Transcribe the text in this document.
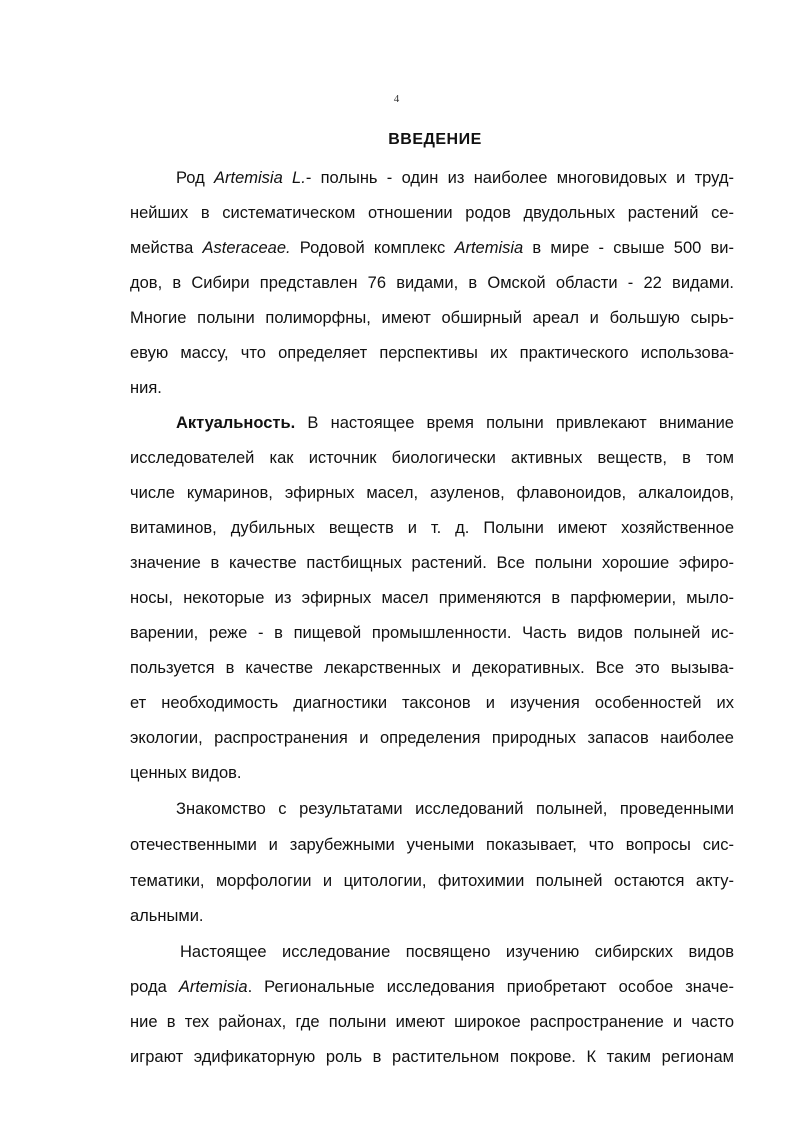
4
ВВЕДЕНИЕ
Род Artemisia L.- полынь - один из наиболее многовидовых и труд-
нейших в систематическом отношении родов двудольных растений се-
мейства Asteraceae. Родовой комплекс Artemisia в мире - свыше 500 ви-
дов, в Сибири представлен 76 видами, в Омской области - 22 видами.
Многие полыни полиморфны, имеют обширный ареал и большую сырь-
евую массу, что определяет перспективы их практического использова-
ния.
Актуальность. В настоящее время полыни привлекают внимание
исследователей как источник биологически активных веществ, в том
числе кумаринов, эфирных масел, азуленов, флавоноидов, алкалоидов,
витаминов, дубильных веществ и т. д. Полыни имеют хозяйственное
значение в качестве пастбищных растений. Все полыни хорошие эфиро-
носы, некоторые из эфирных масел применяются в парфюмерии, мыло-
варении, реже - в пищевой промышленности. Часть видов полыней ис-
пользуется в качестве лекарственных и декоративных. Все это вызыва-
ет необходимость диагностики таксонов и изучения особенностей их
экологии, распространения и определения природных запасов наиболее
ценных видов.
Знакомство с результатами исследований полыней, проведенными
отечественными и зарубежными учеными показывает, что вопросы сис-
тематики, морфологии и цитологии, фитохимии полыней остаются акту-
альными.
Настоящее исследование посвящено изучению сибирских видов
рода Artemisia. Региональные исследования приобретают особое значе-
ние в тех районах, где полыни имеют широкое распространение и часто
играют эдификаторную роль в растительном покрове. К таким регионам
